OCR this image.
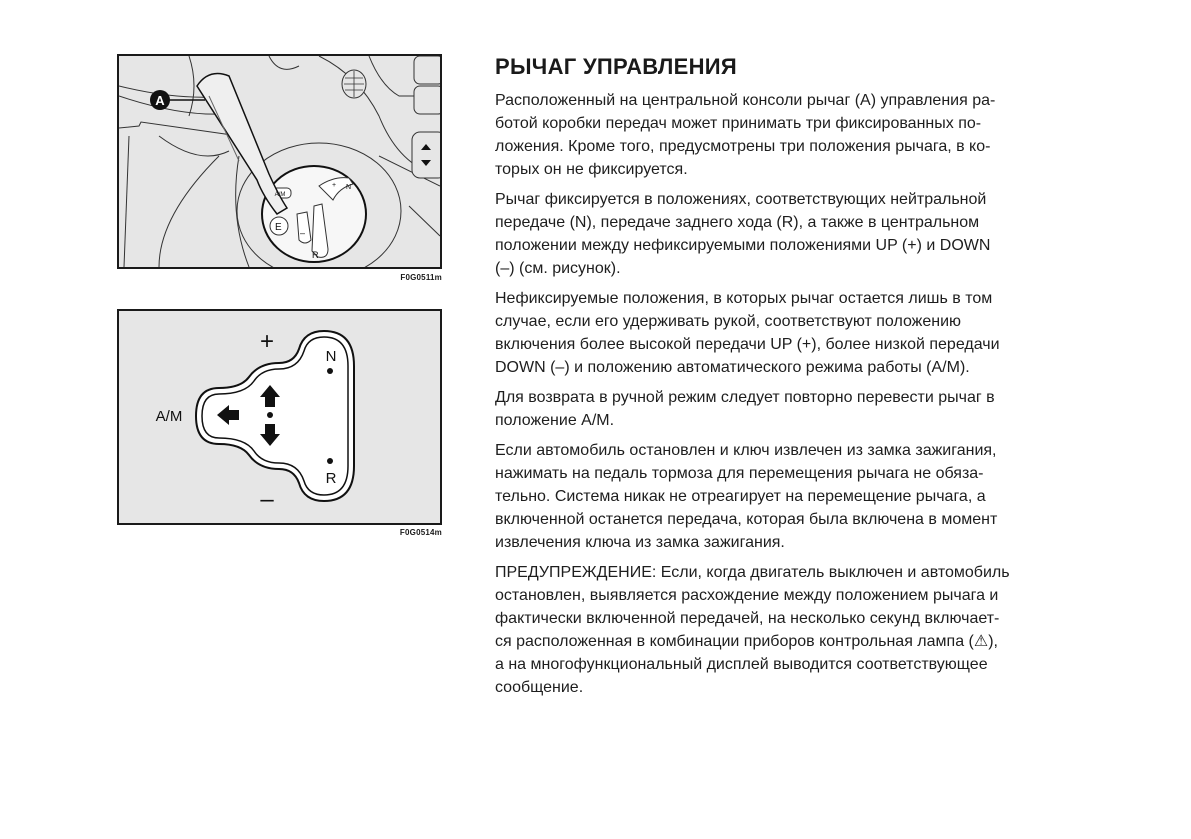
A
A/M
+ N
E –
R
F0G0511m
+
–
N
R
A/M
F0G0514m
РЫЧАГ УПРАВЛЕНИЯ

Расположенный на центральной консоли рычаг (A) управления ра-
ботой коробки передач может принимать три фиксированных по-
ложения. Кроме того, предусмотрены три положения рычага, в ко-
торых он не фиксируется.

Рычаг фиксируется в положениях, соответствующих нейтральной
передаче (N), передаче заднего хода (R), а также в центральном
положении между нефиксируемыми положениями UP (+) и DOWN
(–) (см. рисунок).

Нефиксируемые положения, в которых рычаг остается лишь в том
случае, если его удерживать рукой, соответствуют положению
включения более высокой передачи UP (+), более низкой передачи
DOWN (–) и положению автоматического режима работы (A/M).

Для возврата в ручной режим следует повторно перевести рычаг в
положение A/M.

Если автомобиль остановлен и ключ извлечен из замка зажигания,
нажимать на педаль тормоза для перемещения рычага не обяза-
тельно. Система никак не отреагирует на перемещение рычага, а
включенной останется передача, которая была включена в момент
извлечения ключа из замка зажигания.

ПРЕДУПРЕЖДЕНИЕ: Если, когда двигатель выключен и автомобиль
остановлен, выявляется расхождение между положением рычага и
фактически включенной передачей, на несколько секунд включает-
ся расположенная в комбинации приборов контрольная лампа (⚠),
а на многофункциональный дисплей выводится соответствующее
сообщение.
